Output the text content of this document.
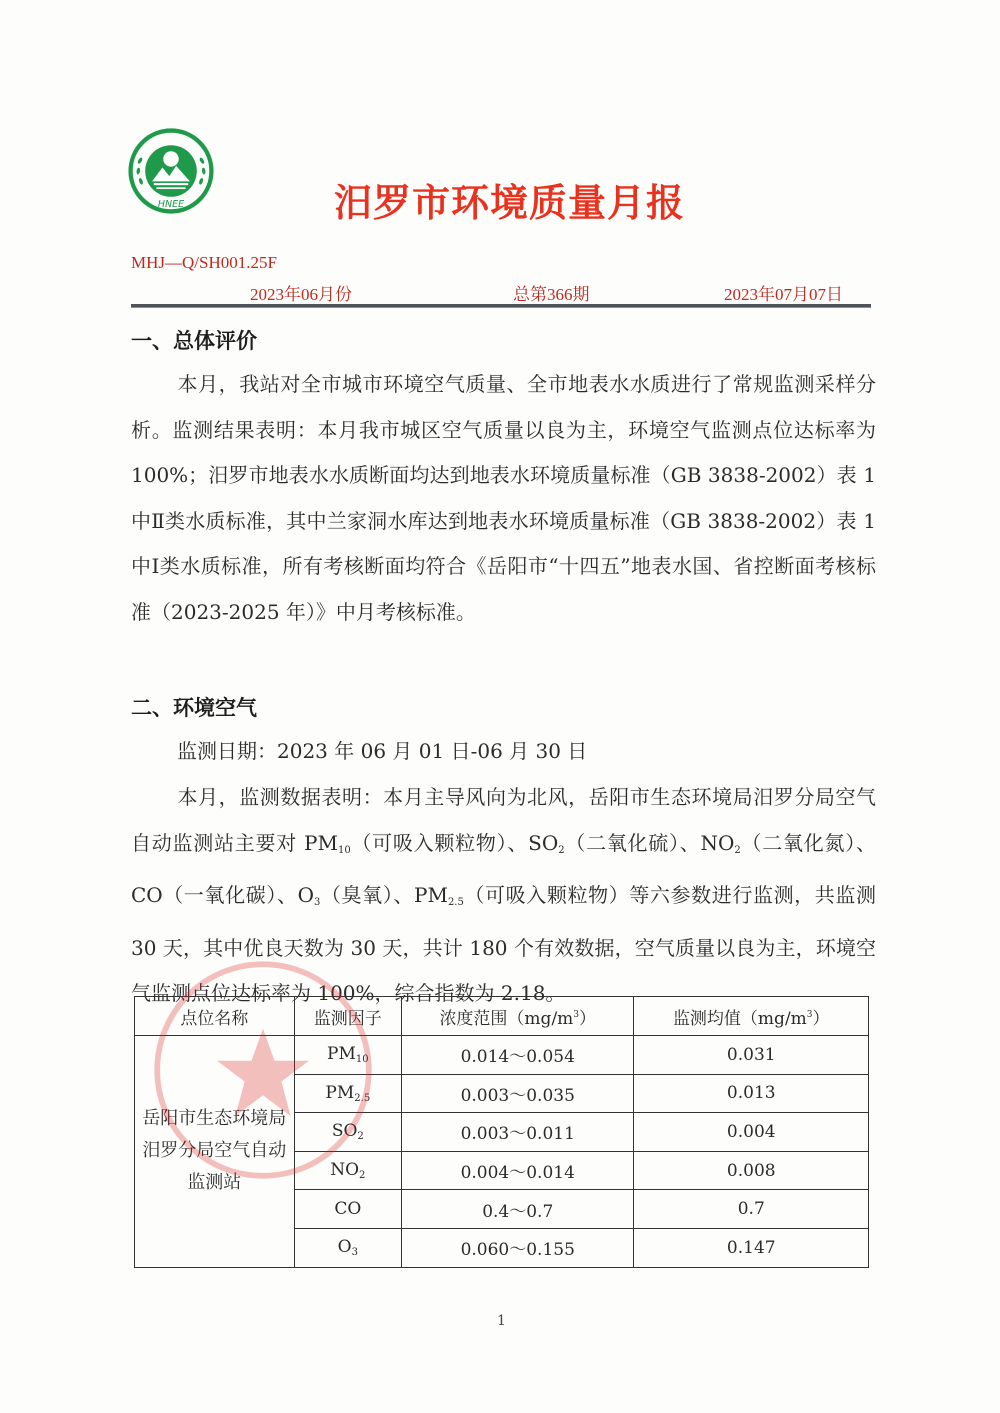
HNEE	汨罗市环境质量月报
MHJ—Q/SH001.25F
2023年06月份	总第366期	2023年07月07日
一、总体评价
本月，我站对全市城市环境空气质量、全市地表水水质进行了常规监测采样分析。监测结果表明：本月我市城区空气质量以良为主，环境空气监测点位达标率为 100%；汨罗市地表水水质断面均达到地表水环境质量标准（GB 3838-2002）表 1 中Ⅱ类水质标准，其中兰家洞水库达到地表水环境质量标准（GB 3838-2002）表 1 中Ⅰ类水质标准，所有考核断面均符合《岳阳市“十四五”地表水国、省控断面考核标准（2023-2025 年）》中月考核标准。
二、环境空气
监测日期：2023 年 06 月 01 日-06 月 30 日
本月，监测数据表明：本月主导风向为北风，岳阳市生态环境局汨罗分局空气自动监测站主要对 $PM_{10}$（可吸入颗粒物）、$SO_2$（二氧化硫）、$NO_2$（二氧化氮）、CO（一氧化碳）、$O_3$（臭氧）、$PM_{2.5}$（可吸入颗粒物）等六参数进行监测，共监测 30 天，其中优良天数为 30 天，共计 180 个有效数据，空气质量以良为主，环境空气监测点位达标率为 100%，综合指数为 2.18。
点位名称	监测因子	浓度范围$(mg/m^3)$	监测均值$(mg/m^3)$
岳阳市生态环境局汨罗分局空气自动监测站	$PM_{10}$	0.014～0.054	0.031
	$PM_{2.5}$	0.003～0.035	0.013
	$SO_2$	0.003～0.011	0.004
	$NO_2$	0.004～0.014	0.008
	CO	0.4～0.7	0.7
	$O_3$	0.060～0.155	0.147
1
